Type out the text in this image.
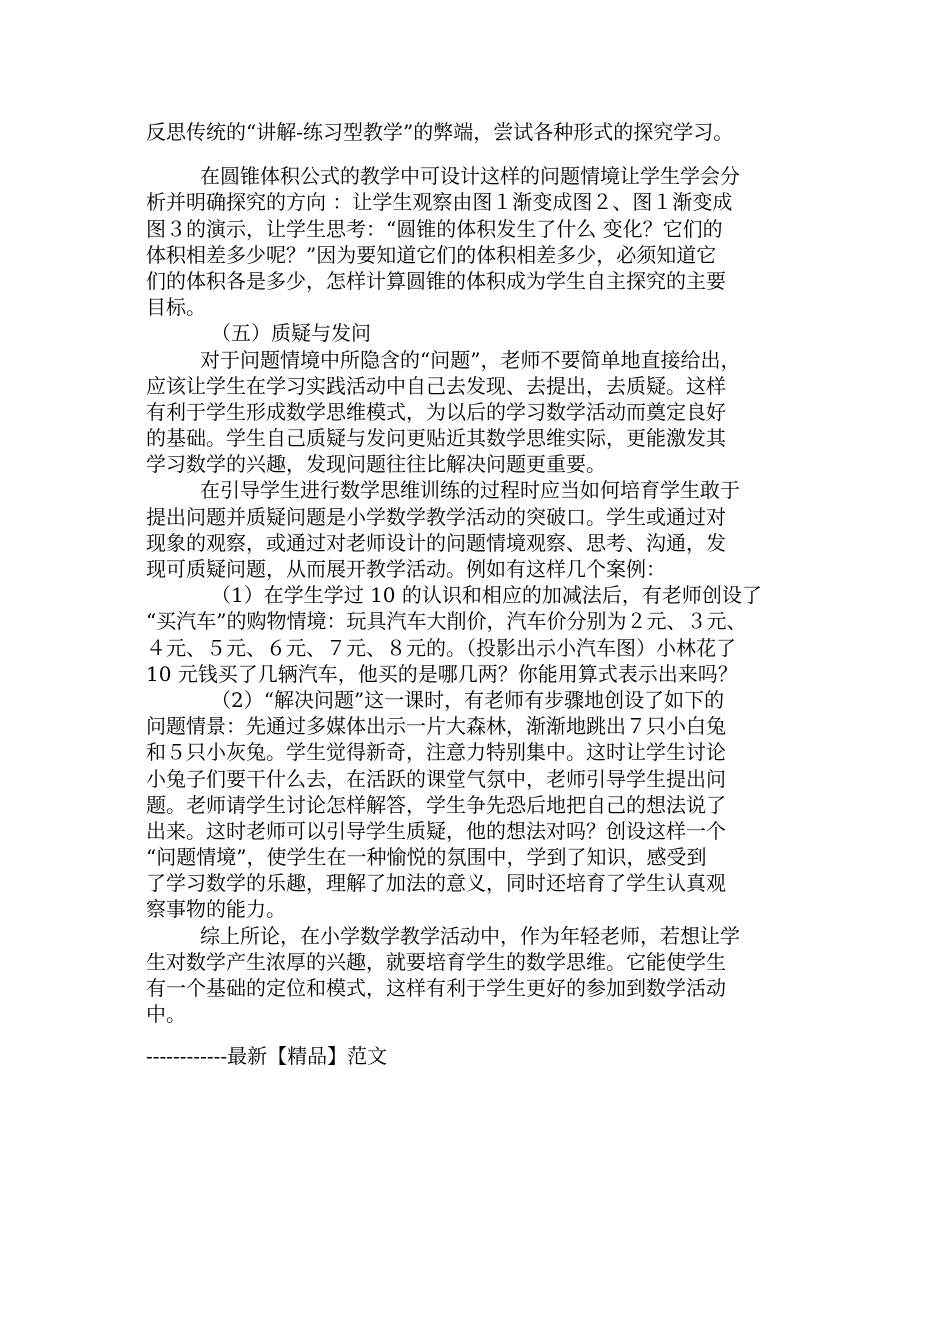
反思传统的“讲解-练习型教学”的弊端，尝试各种形式的探究学习。
在圆锥体积公式的教学中可设计这样的问题情境让学生学会分
析并明确探究的方向 ：让学生观察由图１渐变成图２、图１渐变成
图３的演示，让学生思考：“圆锥的体积发生了什么 变化？它们的
体积相差多少呢？”因为要知道它们的体积相差多少，必须知道它
们的体积各是多少，怎样计算圆锥的体积成为学生自主探究的主要
目标。
（五）质疑与发问
对于问题情境中所隐含的“问题”，老师不要简单地直接给出，
应该让学生在学习实践活动中自己去发现、去提出，去质疑。这样
有利于学生形成数学思维模式，为以后的学习数学活动而奠定良好
的基础。学生自己质疑与发问更贴近其数学思维实际，更能激发其
学习数学的兴趣，发现问题往往比解决问题更重要。
在引导学生进行数学思维训练的过程时应当如何培育学生敢于
提出问题并质疑问题是小学数学教学活动的突破口。学生或通过对
现象的观察，或通过对老师设计的问题情境观察、思考、沟通，发
现可质疑问题，从而展开教学活动。例如有这样几个案例：
（1）在学生学过 10 的认识和相应的加减法后，有老师创设了
“买汽车”的购物情境：玩具汽车大削价，汽车价分别为２元、３元、
４元、５元、６元、７元、８元的。（投影出示小汽车图）小林花了
10 元钱买了几辆汽车，他买的是哪几两？你能用算式表示出来吗？
（2）“解决问题”这一课时，有老师有步骤地创设了如下的
问题情景：先通过多媒体出示一片大森林，渐渐地跳出７只小白兔
和５只小灰兔。学生觉得新奇，注意力特别集中。这时让学生讨论
小兔子们要干什么去，在活跃的课堂气氛中，老师引导学生提出问
题。老师请学生讨论怎样解答，学生争先恐后地把自己的想法说了
出来。这时老师可以引导学生质疑，他的想法对吗？创设这样一个
“问题情境”，使学生在一种愉悦的氛围中，学到了知识，感受到
了学习数学的乐趣，理解了加法的意义，同时还培育了学生认真观
察事物的能力。
综上所论，在小学数学教学活动中，作为年轻老师，若想让学
生对数学产生浓厚的兴趣，就要培育学生的数学思维。它能使学生
有一个基础的定位和模式，这样有利于学生更好的参加到数学活动
中。
------------最新【精品】范文
